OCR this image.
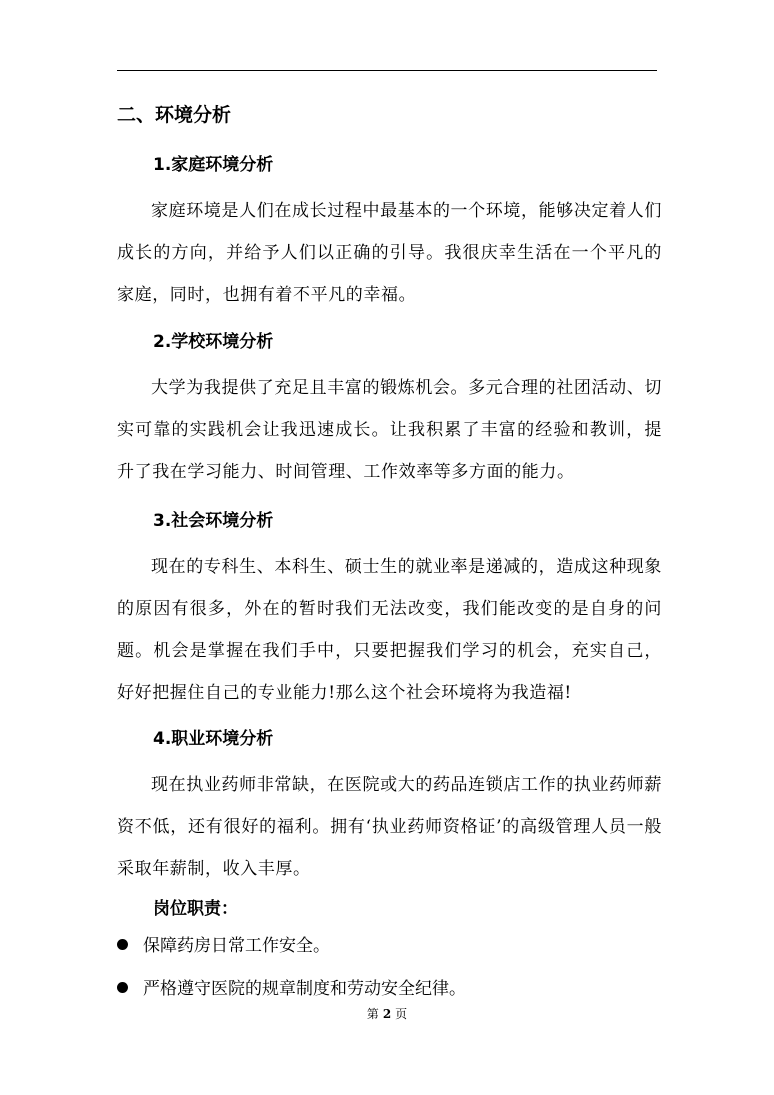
二、环境分析
1.家庭环境分析

家庭环境是人们在成长过程中最基本的一个环境，能够决定着人们成长的方向，并给予人们以正确的引导。我很庆幸生活在一个平凡的家庭，同时，也拥有着不平凡的幸福。

2.学校环境分析

大学为我提供了充足且丰富的锻炼机会。多元合理的社团活动、切实可靠的实践机会让我迅速成长。让我积累了丰富的经验和教训，提升了我在学习能力、时间管理、工作效率等多方面的能力。

3.社会环境分析

现在的专科生、本科生、硕士生的就业率是递减的，造成这种现象的原因有很多，外在的暂时我们无法改变，我们能改变的是自身的问题。机会是掌握在我们手中，只要把握我们学习的机会，充实自己，好好把握住自己的专业能力!那么这个社会环境将为我造福!

4.职业环境分析

现在执业药师非常缺，在医院或大的药品连锁店工作的执业药师薪资不低，还有很好的福利。拥有‘执业药师资格证’的高级管理人员一般采取年薪制，收入丰厚。

岗位职责：
保障药房日常工作安全。
严格遵守医院的规章制度和劳动安全纪律。
第 2 页
